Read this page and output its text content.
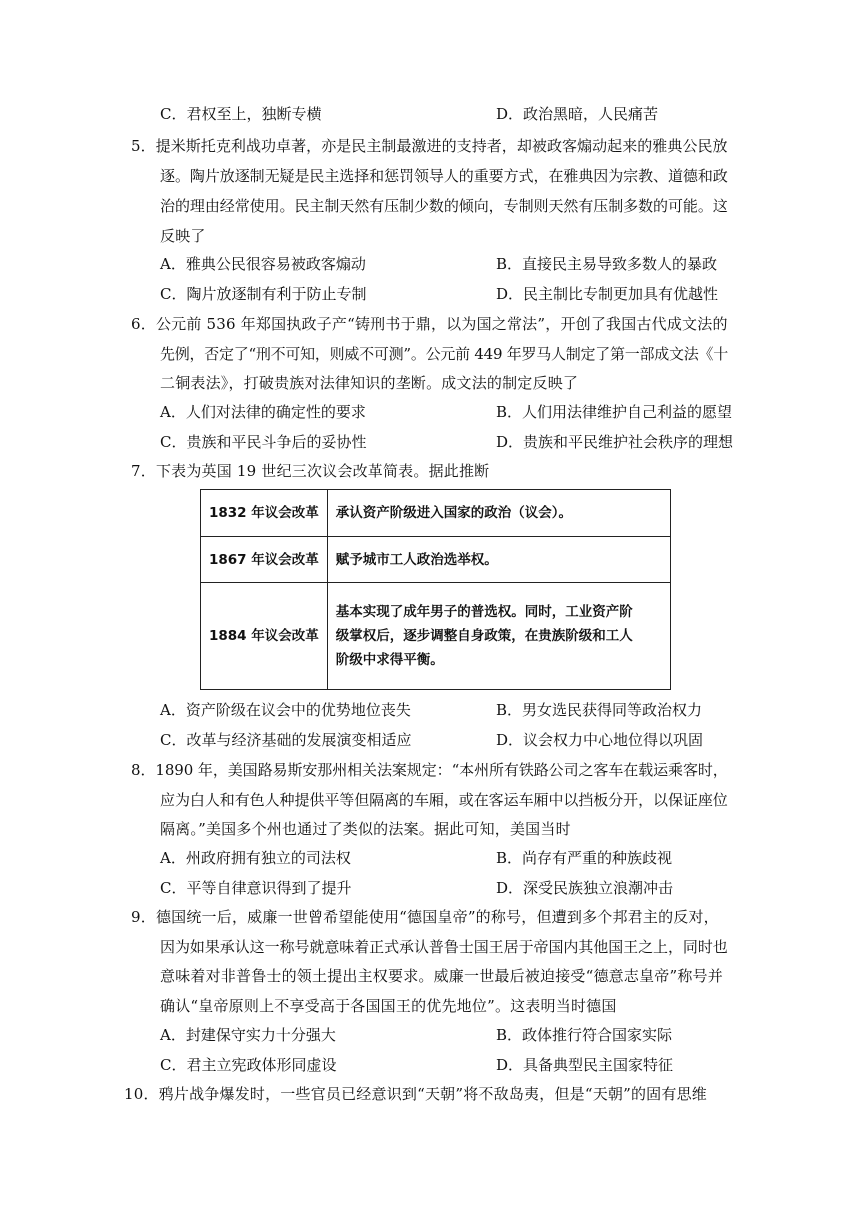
C．君权至上，独断专横	D．政治黑暗，人民痛苦
5．提米斯托克利战功卓著，亦是民主制最激进的支持者，却被政客煽动起来的雅典公民放
逐。陶片放逐制无疑是民主选择和惩罚领导人的重要方式，在雅典因为宗教、道德和政
治的理由经常使用。民主制天然有压制少数的倾向，专制则天然有压制多数的可能。这
反映了
A．雅典公民很容易被政客煽动	B．直接民主易导致多数人的暴政
C．陶片放逐制有利于防止专制	D．民主制比专制更加具有优越性
6．公元前 536 年郑国执政子产“铸刑书于鼎，以为国之常法”，开创了我国古代成文法的
先例，否定了“刑不可知，则威不可测”。公元前 449 年罗马人制定了第一部成文法《十
二铜表法》，打破贵族对法律知识的垄断。成文法的制定反映了
A．人们对法律的确定性的要求	B．人们用法律维护自己利益的愿望
C．贵族和平民斗争后的妥协性	D．贵族和平民维护社会秩序的理想
7．下表为英国 19 世纪三次议会改革简表。据此推断
1832 年议会改革	承认资产阶级进入国家的政治（议会）。
1867 年议会改革	赋予城市工人政治选举权。
1884 年议会改革	基本实现了成年男子的普选权。同时，工业资产阶
级掌权后，逐步调整自身政策，在贵族阶级和工人
阶级中求得平衡。
A．资产阶级在议会中的优势地位丧失	B．男女选民获得同等政治权力
C．改革与经济基础的发展演变相适应	D．议会权力中心地位得以巩固
8．1890 年，美国路易斯安那州相关法案规定：“本州所有铁路公司之客车在载运乘客时，
应为白人和有色人种提供平等但隔离的车厢，或在客运车厢中以挡板分开，以保证座位
隔离。”美国多个州也通过了类似的法案。据此可知，美国当时
A．州政府拥有独立的司法权	B．尚存有严重的种族歧视
C．平等自律意识得到了提升	D．深受民族独立浪潮冲击
9．德国统一后，威廉一世曾希望能使用“德国皇帝”的称号，但遭到多个邦君主的反对，
因为如果承认这一称号就意味着正式承认普鲁士国王居于帝国内其他国王之上，同时也
意味着对非普鲁士的领土提出主权要求。威廉一世最后被迫接受“德意志皇帝”称号并
确认“皇帝原则上不享受高于各国国王的优先地位”。这表明当时德国
A．封建保守实力十分强大	B．政体推行符合国家实际
C．君主立宪政体形同虚设	D．具备典型民主国家特征
10．鸦片战争爆发时，一些官员已经意识到“天朝”将不敌岛夷，但是“天朝”的固有思维
